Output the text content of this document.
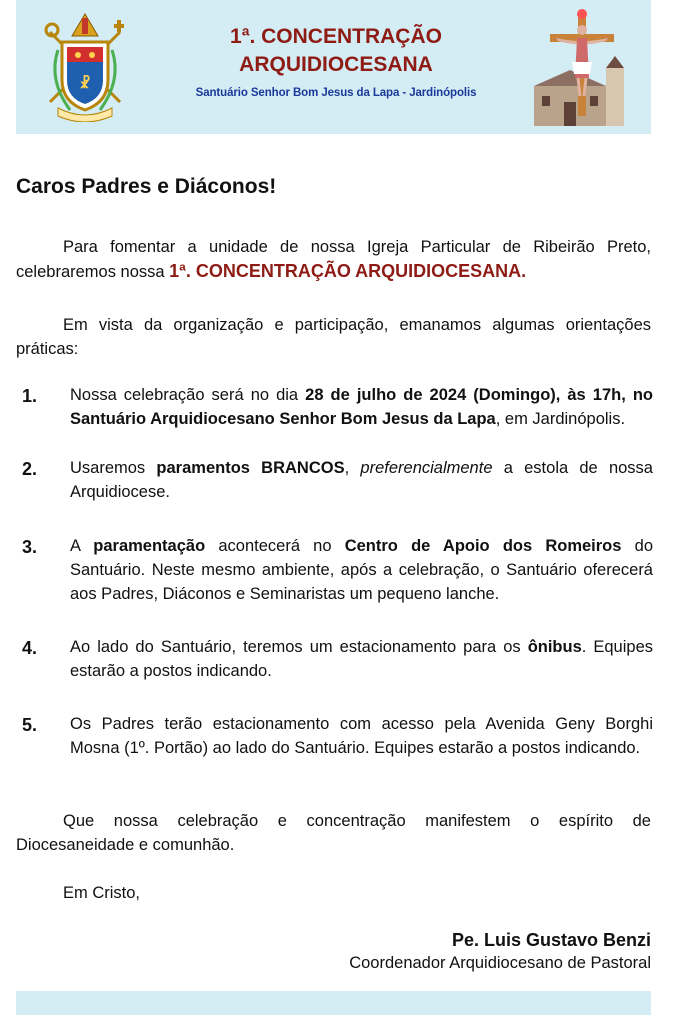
☧
1ª. CONCENTRAÇÃO
ARQUIDIOCESANA
Santuário Senhor Bom Jesus da Lapa - Jardinópolis
Caros Padres e Diáconos!
Para fomentar a unidade de nossa Igreja Particular de Ribeirão Preto, celebraremos nossa 1ª. CONCENTRAÇÃO ARQUIDIOCESANA.
Em vista da organização e participação, emanamos algumas orientações práticas:
1. Nossa celebração será no dia 28 de julho de 2024 (Domingo), às 17h, no Santuário Arquidiocesano Senhor Bom Jesus da Lapa, em Jardinópolis.
2. Usaremos paramentos BRANCOS, preferencialmente a estola de nossa Arquidiocese.
3. A paramentação acontecerá no Centro de Apoio dos Romeiros do Santuário. Neste mesmo ambiente, após a celebração, o Santuário oferecerá aos Padres, Diáconos e Seminaristas um pequeno lanche.
4. Ao lado do Santuário, teremos um estacionamento para os ônibus. Equipes estarão a postos indicando.
5. Os Padres terão estacionamento com acesso pela Avenida Geny Borghi Mosna (1º. Portão) ao lado do Santuário. Equipes estarão a postos indicando.
Que nossa celebração e concentração manifestem o espírito de Diocesaneidade e comunhão.
Em Cristo,
Pe. Luis Gustavo Benzi
Coordenador Arquidiocesano de Pastoral
